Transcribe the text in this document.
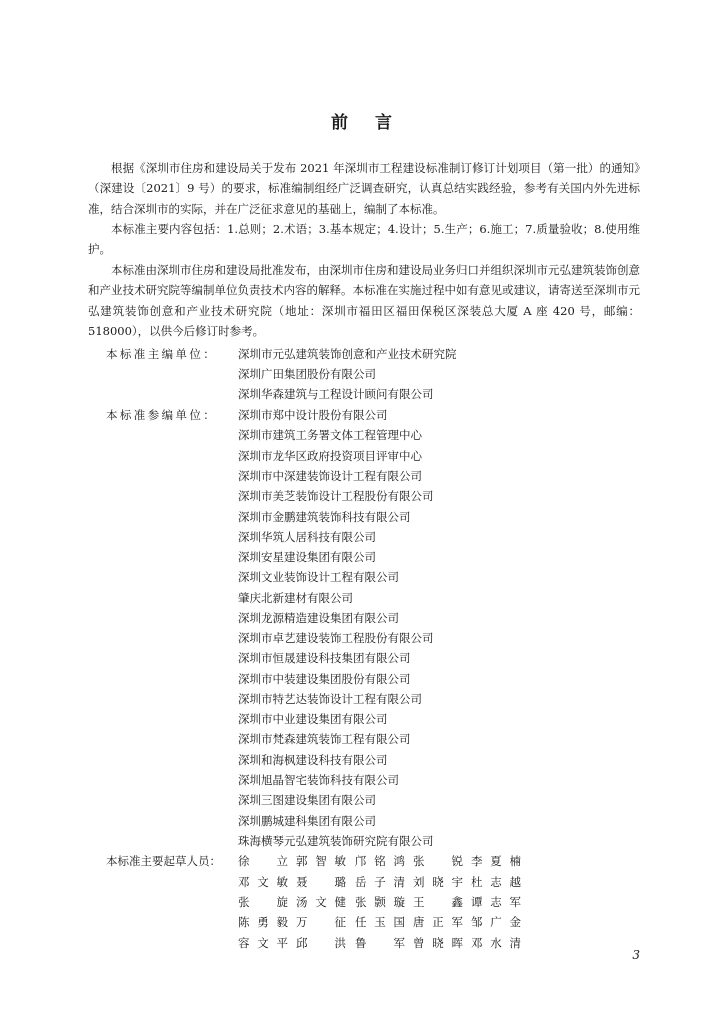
前 言

根据《深圳市住房和建设局关于发布 2021 年深圳市工程建设标准制订修订计划项目（第一批）的通知》（深建设〔2021〕9 号）的要求，标准编制组经广泛调查研究，认真总结实践经验，参考有关国内外先进标准，结合深圳市的实际，并在广泛征求意见的基础上，编制了本标准。

本标准主要内容包括：1.总则；2.术语；3.基本规定；4.设计；5.生产；6.施工；7.质量验收；8.使用维护。

本标准由深圳市住房和建设局批准发布，由深圳市住房和建设局业务归口并组织深圳市元弘建筑装饰创意和产业技术研究院等编制单位负责技术内容的解释。本标准在实施过程中如有意见或建议，请寄送至深圳市元弘建筑装饰创意和产业技术研究院（地址：深圳市福田区福田保税区深装总大厦 A 座 420 号，邮编：518000），以供今后修订时参考。

本标准主编单位： 深圳市元弘建筑装饰创意和产业技术研究院
深圳广田集团股份有限公司
深圳华森建筑与工程设计顾问有限公司
本标准参编单位： 深圳市郑中设计股份有限公司
深圳市建筑工务署文体工程管理中心
深圳市龙华区政府投资项目评审中心
深圳市中深建装饰设计工程有限公司
深圳市美芝装饰设计工程股份有限公司
深圳市金鹏建筑装饰科技有限公司
深圳华筑人居科技有限公司
深圳安星建设集团有限公司
深圳文业装饰设计工程有限公司
肇庆北新建材有限公司
深圳龙源精造建设集团有限公司
深圳市卓艺建设装饰工程股份有限公司
深圳市恒晟建设科技集团有限公司
深圳市中装建设集团股份有限公司
深圳市特艺达装饰设计工程有限公司
深圳市中业建设集团有限公司
深圳市梵森建筑装饰工程有限公司
深圳和海枫建设科技有限公司
深圳旭晶智宅装饰科技有限公司
深圳三图建设集团有限公司
深圳鹏城建科集团有限公司
珠海横琴元弘建筑装饰研究院有限公司
本标准主要起草人员： 徐 立 郭智敏 邝铭鸿 张 锐 李夏楠
邓文敏 聂 璐 岳子清 刘晓宇 杜志越
张 旋 汤文健 张颢璇 王 鑫 谭志军
陈勇毅 万 征 任玉国 唐正军 邹广金
容文平 邱 洪 鲁 军 曾晓晖 邓水清
3
